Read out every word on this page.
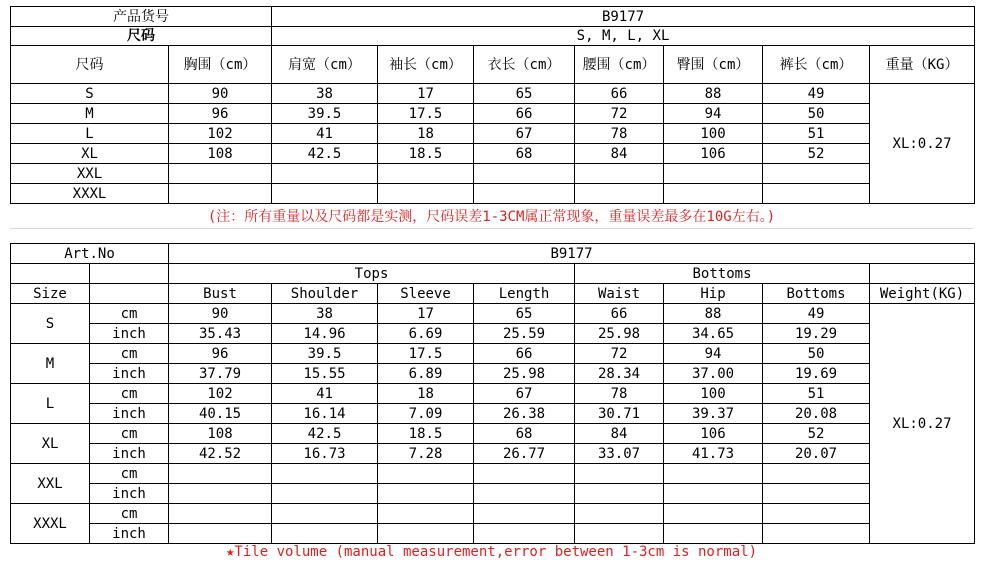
产品货号		B9177						
尺码		S, M, L, XL						
尺码	胸围（cm）	肩宽（cm）	袖长（cm）	衣长（cm）	腰围（cm）	臀围（cm）	裤长（cm）	重量（KG）
S	90	38	17	65	66	88	49	XL:0.27
M	96	39.5	17.5	66	72	94	50	
L	102	41	18	67	78	100	51	
XL	108	42.5	18.5	68	84	106	52	
XXL								
XXXL								
(注：所有重量以及尺码都是实测，尺码误差1-3CM属正常现象，重量误差最多在10G左右。)
Art.No		B9177							
		Tops				Bottoms			
Size		Bust	Shoulder	Sleeve	Length	Waist	Hip	Bottoms	Weight(KG)
S	cm	90	38	17	65	66	88	49	XL:0.27
	inch	35.43	14.96	6.69	25.59	25.98	34.65	19.29	
M	cm	96	39.5	17.5	66	72	94	50	
	inch	37.79	15.55	6.89	25.98	28.34	37.00	19.69	
L	cm	102	41	18	67	78	100	51	
	inch	40.15	16.14	7.09	26.38	30.71	39.37	20.08	
XL	cm	108	42.5	18.5	68	84	106	52	
	inch	42.52	16.73	7.28	26.77	33.07	41.73	20.07	
XXL	cm								
	inch								
XXXL	cm								
	inch								
★Tile volume (manual measurement,error between 1-3cm is normal)
